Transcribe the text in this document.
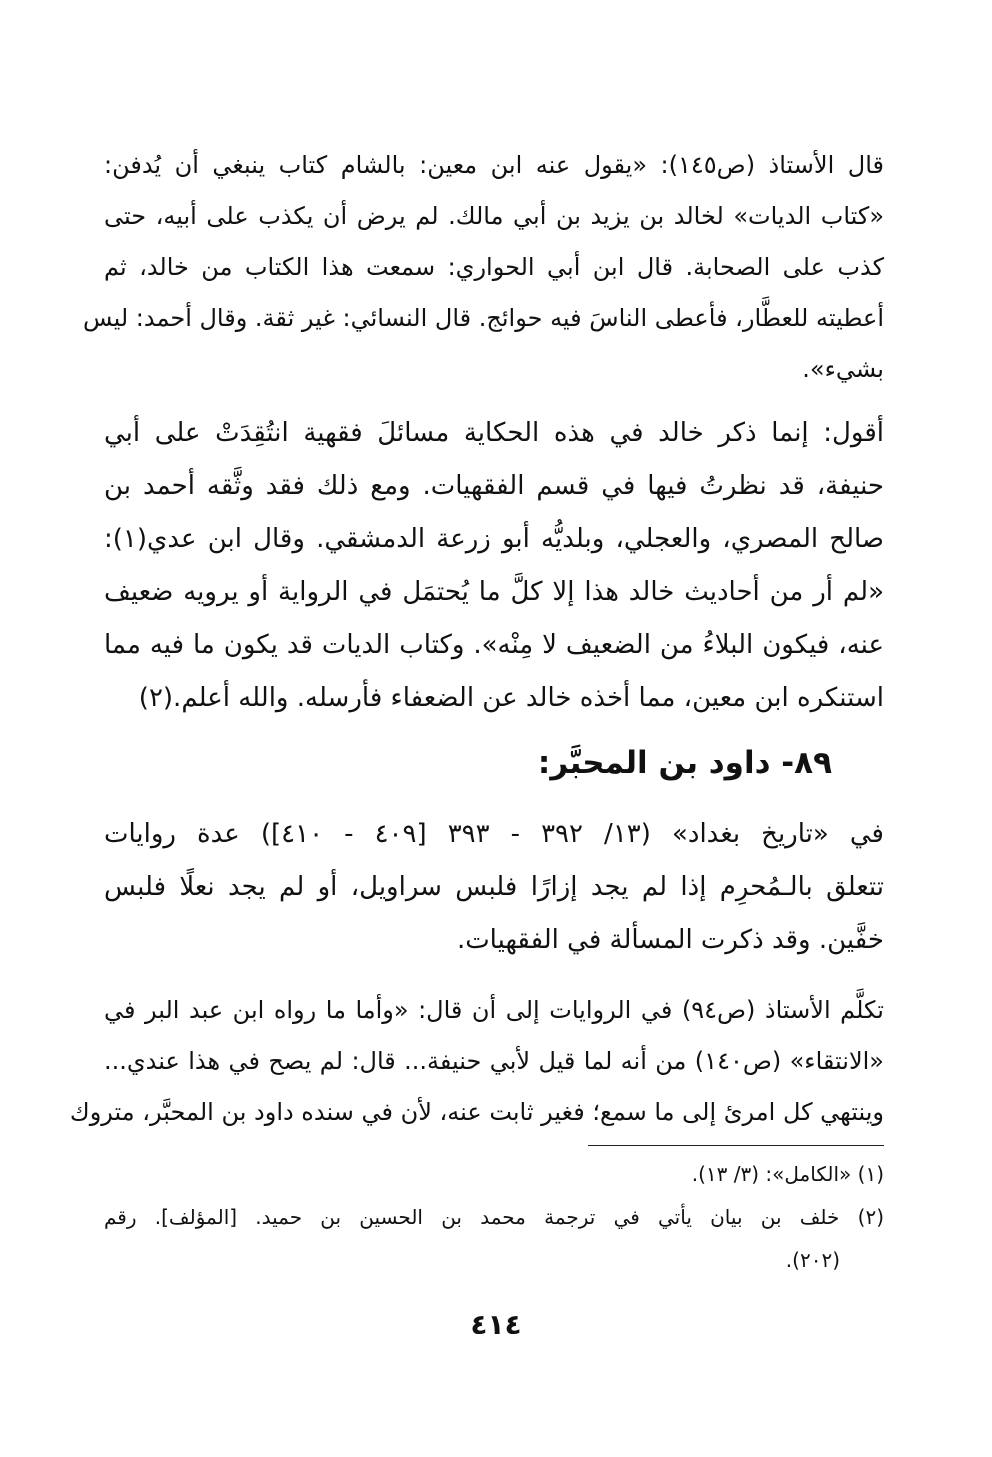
قال الأستاذ (ص١٤٥): «يقول عنه ابن معين: بالشام كتاب ينبغي أن يُدفن:
«كتاب الديات» لخالد بن يزيد بن أبي مالك. لم يرض أن يكذب على أبيه، حتى
كذب على الصحابة. قال ابن أبي الحواري: سمعت هذا الكتاب من خالد، ثم
أعطيته للعطَّار، فأعطى الناسَ فيه حوائج. قال النسائي: غير ثقة. وقال أحمد: ليس
بشيء».
أقول: إنما ذكر خالد في هذه الحكاية مسائلَ فقهية انتُقِدَتْ على أبي
حنيفة، قد نظرتُ فيها في قسم الفقهيات. ومع ذلك فقد وثَّقه أحمد بن
صالح المصري، والعجلي، وبلديُّه أبو زرعة الدمشقي. وقال ابن عدي(١):
«لم أر من أحاديث خالد هذا إلا كلَّ ما يُحتمَل في الرواية أو يرويه ضعيف
عنه، فيكون البلاءُ من الضعيف لا مِنْه». وكتاب الديات قد يكون ما فيه مما
استنكره ابن معين، مما أخذه خالد عن الضعفاء فأرسله. والله أعلم.(٢)
٨٩- داود بن المحبَّر:
في «تاريخ بغداد» (١٣/ ٣٩٢ - ٣٩٣ [٤٠٩ - ٤١٠]) عدة روايات
تتعلق بالـمُحرِم إذا لم يجد إزارًا فلبس سراويل، أو لم يجد نعلًا فلبس
خفَّين. وقد ذكرت المسألة في الفقهيات.
تكلَّم الأستاذ (ص٩٤) في الروايات إلى أن قال: «وأما ما رواه ابن عبد البر في
«الانتقاء» (ص١٤٠) من أنه لما قيل لأبي حنيفة... قال: لم يصح في هذا عندي...
وينتهي كل امرئ إلى ما سمع؛ فغير ثابت عنه، لأن في سنده داود بن المحبَّر، متروك
(١) «الكامل»: (٣/ ١٣).
(٢) خلف بن بيان يأتي في ترجمة محمد بن الحسين بن حميد. [المؤلف]. رقم
(٢٠٢).
٤١٤
